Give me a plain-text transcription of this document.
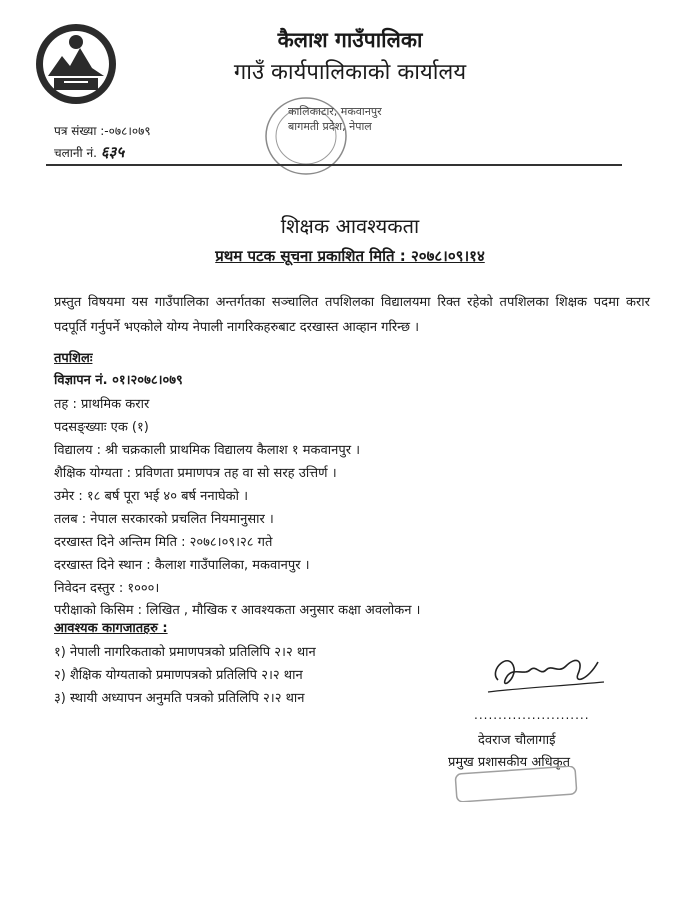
कैलाश गाउँपालिका
गाउँ कार्यपालिकाको कार्यालय
कालिकाटार, मकवानपुर
बागमती प्रदेश, नेपाल
पत्र संख्या :-०७८।०७९
चलानी नं. ६३५
शिक्षक आवश्यकता
प्रथम पटक सूचना प्रकाशित मिति : २०७८।०९।१४
प्रस्तुत विषयमा यस गाउँपालिका अन्तर्गतका सञ्चालित तपशिलका विद्यालयमा रिक्त रहेको तपशिलका शिक्षक पदमा करार पदपूर्ति गर्नुपर्ने भएकोले योग्य नेपाली नागरिकहरुबाट दरखास्त आव्हान गरिन्छ ।
तपशिलः
विज्ञापन नं. ०१।२०७८।०७९
तह : प्राथमिक करार
पदसङ्ख्याः एक (१)
विद्यालय : श्री चक्रकाली प्राथमिक विद्यालय कैलाश १ मकवानपुर ।
शैक्षिक योग्यता : प्रविणता प्रमाणपत्र तह वा सो सरह उत्तिर्ण ।
उमेर : १८ बर्ष पूरा भई ४० बर्ष ननाघेको ।
तलब : नेपाल सरकारको प्रचलित नियमानुसार ।
दरखास्त दिने अन्तिम मिति : २०७८।०९।२८ गते
दरखास्त दिने स्थान : कैलाश गाउँपालिका, मकवानपुर ।
निवेदन दस्तुर : १०००।
परीक्षाको किसिम : लिखित , मौखिक र आवश्यकता अनुसार कक्षा अवलोकन ।
आवश्यक कागजातहरु :
१) नेपाली नागरिकताको प्रमाणपत्रको प्रतिलिपि २।२ थान
२) शैक्षिक योग्यताको प्रमाणपत्रको प्रतिलिपि २।२ थान
३) स्थायी अध्यापन अनुमति पत्रको प्रतिलिपि २।२ थान
........................
देवराज चौलागाई
प्रमुख प्रशासकीय अधिकृत
